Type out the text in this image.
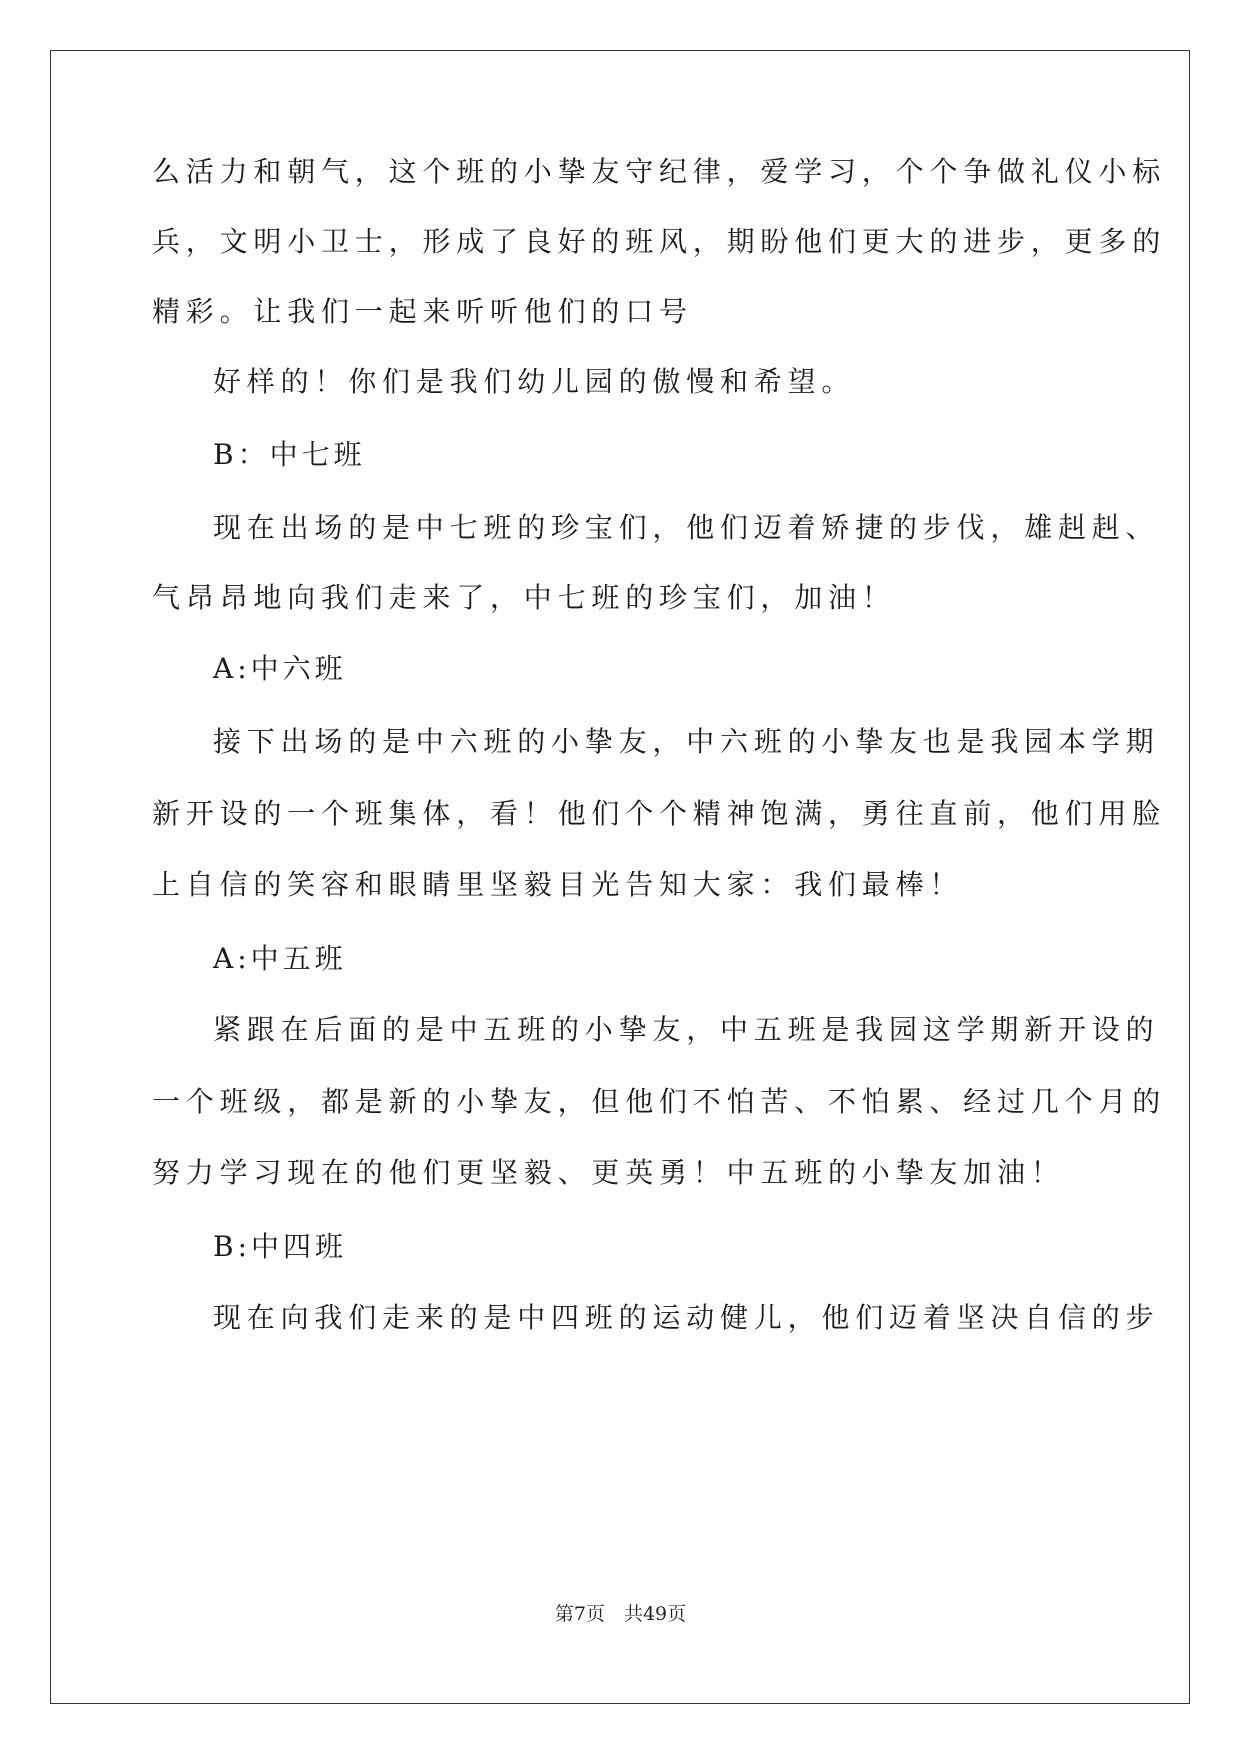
么活力和朝气，这个班的小挚友守纪律，爱学习，个个争做礼仪小标
兵，文明小卫士，形成了良好的班风，期盼他们更大的进步，更多的
精彩。让我们一起来听听他们的口号
好样的！你们是我们幼儿园的傲慢和希望。
B：中七班
现在出场的是中七班的珍宝们，他们迈着矫捷的步伐，雄赳赳、
气昂昂地向我们走来了，中七班的珍宝们，加油！
A:中六班
接下出场的是中六班的小挚友，中六班的小挚友也是我园本学期
新开设的一个班集体，看！他们个个精神饱满，勇往直前，他们用脸
上自信的笑容和眼睛里坚毅目光告知大家：我们最棒！
A:中五班
紧跟在后面的是中五班的小挚友，中五班是我园这学期新开设的
一个班级，都是新的小挚友，但他们不怕苦、不怕累、经过几个月的
努力学习现在的他们更坚毅、更英勇！中五班的小挚友加油！
B:中四班
现在向我们走来的是中四班的运动健儿，他们迈着坚决自信的步
第7页　共49页
